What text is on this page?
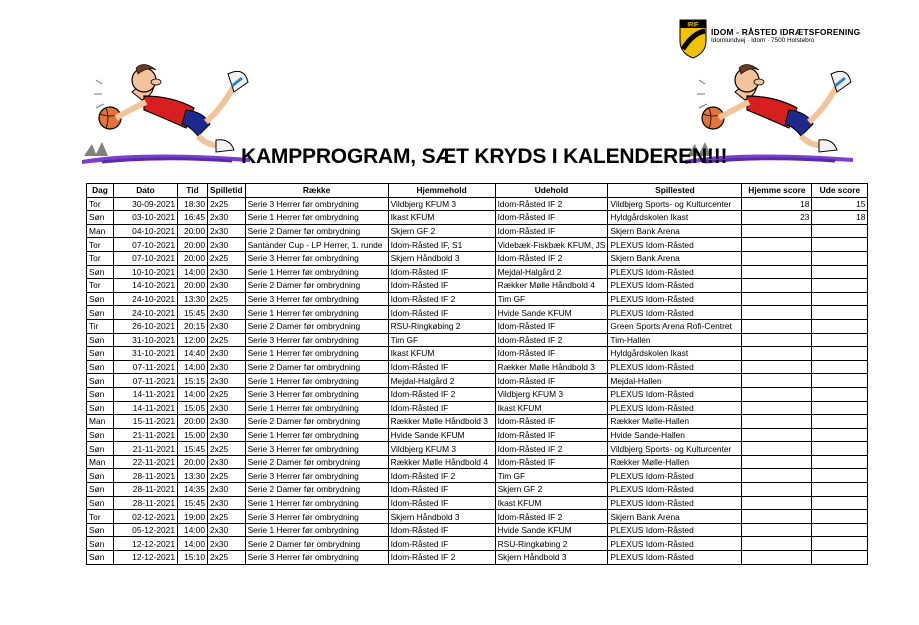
IRIF
IDOM - RÅSTED IDRÆTSFORENING
Idomlundvej · Idom · 7500 Holstebro
KAMPPROGRAM, SÆT KRYDS I KALENDEREN!!!
Dag	Dato	Tid	Spilletid	Række	Hjemmehold	Udehold	Spillested	Hjemme score	Ude score
Tor	30-09-2021	18:30	2x25	Serie 3 Herrer før ombrydning	Vildbjerg KFUM 3	Idom-Råsted IF 2	Vildbjerg Sports- og Kulturcenter	18	15
Søn	03-10-2021	16:45	2x30	Serie 1 Herrer før ombrydning	Ikast KFUM	Idom-Råsted IF	Hyldgårdskolen Ikast	23	18
Man	04-10-2021	20:00	2x30	Serie 2 Damer før ombrydning	Skjern GF 2	Idom-Råsted IF	Skjern Bank Arena		
Tor	07-10-2021	20:00	2x30	Santander Cup - LP Herrer, 1. runde	Idom-Råsted IF, S1	Videbæk-Fiskbæk KFUM, JS	PLEXUS Idom-Råsted		
Tor	07-10-2021	20:00	2x25	Serie 3 Herrer før ombrydning	Skjern Håndbold 3	Idom-Råsted IF 2	Skjern Bank Arena		
Søn	10-10-2021	14:00	2x30	Serie 1 Herrer før ombrydning	Idom-Råsted IF	Mejdal-Halgård 2	PLEXUS Idom-Råsted		
Tor	14-10-2021	20:00	2x30	Serie 2 Damer før ombrydning	Idom-Råsted IF	Rækker Mølle Håndbold 4	PLEXUS Idom-Råsted		
Søn	24-10-2021	13:30	2x25	Serie 3 Herrer før ombrydning	Idom-Råsted IF 2	Tim GF	PLEXUS Idom-Råsted		
Søn	24-10-2021	15:45	2x30	Serie 1 Herrer før ombrydning	Idom-Råsted IF	Hvide Sande KFUM	PLEXUS Idom-Råsted		
Tir	26-10-2021	20:15	2x30	Serie 2 Damer før ombrydning	RSU-Ringkøbing 2	Idom-Råsted IF	Green Sports Arena Rofi-Centret		
Søn	31-10-2021	12:00	2x25	Serie 3 Herrer før ombrydning	Tim GF	Idom-Råsted IF 2	Tim-Hallen		
Søn	31-10-2021	14:40	2x30	Serie 1 Herrer før ombrydning	Ikast KFUM	Idom-Råsted IF	Hyldgårdskolen Ikast		
Søn	07-11-2021	14:00	2x30	Serie 2 Damer før ombrydning	Idom-Råsted IF	Rækker Mølle Håndbold 3	PLEXUS Idom-Råsted		
Søn	07-11-2021	15:15	2x30	Serie 1 Herrer før ombrydning	Mejdal-Halgård 2	Idom-Råsted IF	Mejdal-Hallen		
Søn	14-11-2021	14:00	2x25	Serie 3 Herrer før ombrydning	Idom-Råsted IF 2	Vildbjerg KFUM 3	PLEXUS Idom-Råsted		
Søn	14-11-2021	15:05	2x30	Serie 1 Herrer før ombrydning	Idom-Råsted IF	Ikast KFUM	PLEXUS Idom-Råsted		
Man	15-11-2021	20:00	2x30	Serie 2 Damer før ombrydning	Rækker Mølle Håndbold 3	Idom-Råsted IF	Rækker Mølle-Hallen		
Søn	21-11-2021	15:00	2x30	Serie 1 Herrer før ombrydning	Hvide Sande KFUM	Idom-Råsted IF	Hvide Sande-Hallen		
Søn	21-11-2021	15:45	2x25	Serie 3 Herrer før ombrydning	Vildbjerg KFUM 3	Idom-Råsted IF 2	Vildbjerg Sports- og Kulturcenter		
Man	22-11-2021	20:00	2x30	Serie 2 Damer før ombrydning	Rækker Mølle Håndbold 4	Idom-Råsted IF	Rækker Mølle-Hallen		
Søn	28-11-2021	13:30	2x25	Serie 3 Herrer før ombrydning	Idom-Råsted IF 2	Tim GF	PLEXUS Idom-Råsted		
Søn	28-11-2021	14:35	2x30	Serie 2 Damer før ombrydning	Idom-Råsted IF	Skjern GF 2	PLEXUS Idom-Råsted		
Søn	28-11-2021	15:45	2x30	Serie 1 Herrer før ombrydning	Idom-Råsted IF	Ikast KFUM	PLEXUS Idom-Råsted		
Tor	02-12-2021	19:00	2x25	Serie 3 Herrer før ombrydning	Skjern Håndbold 3	Idom-Råsted IF 2	Skjern Bank Arena		
Søn	05-12-2021	14:00	2x30	Serie 1 Herrer før ombrydning	Idom-Råsted IF	Hvide Sande KFUM	PLEXUS Idom-Råsted		
Søn	12-12-2021	14:00	2x30	Serie 2 Damer før ombrydning	Idom-Råsted IF	RSU-Ringkøbing 2	PLEXUS Idom-Råsted		
Søn	12-12-2021	15:10	2x25	Serie 3 Herrer før ombrydning	Idom-Råsted IF 2	Skjern Håndbold 3	PLEXUS Idom-Råsted		
